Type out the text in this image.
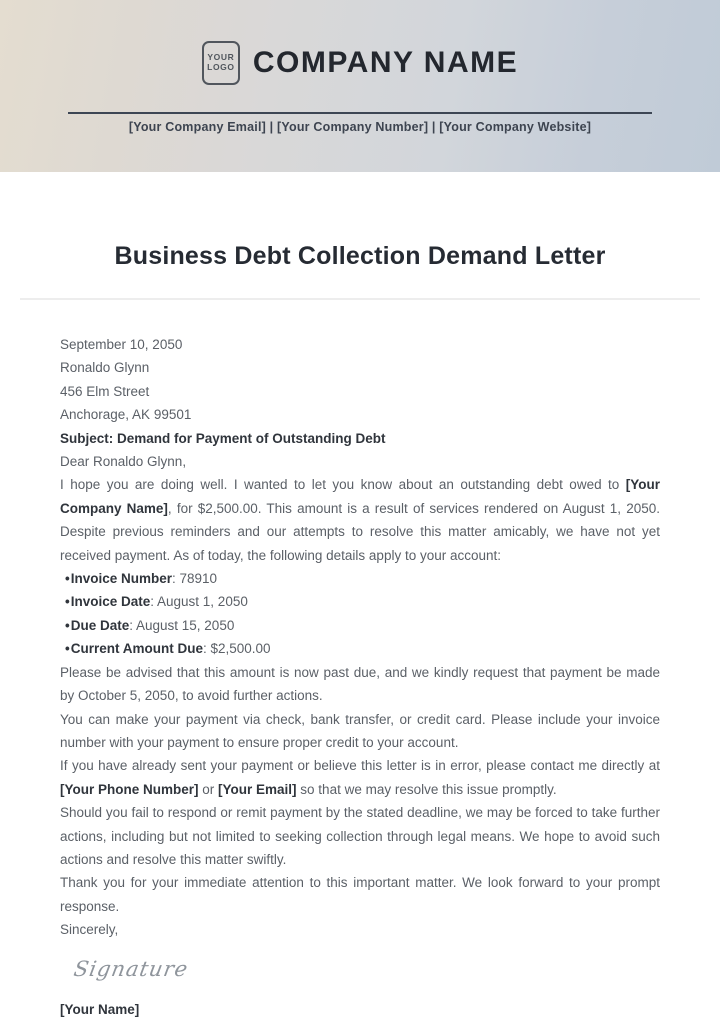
YOUR
LOGO COMPANY NAME
[Your Company Email] | [Your Company Number] | [Your Company Website]
Business Debt Collection Demand Letter
September 10, 2050
Ronaldo Glynn
456 Elm Street
Anchorage, AK 99501
Subject: Demand for Payment of Outstanding Debt
Dear Ronaldo Glynn,
I hope you are doing well. I wanted to let you know about an outstanding debt owed to [Your Company Name], for $2,500.00. This amount is a result of services rendered on August 1, 2050. Despite previous reminders and our attempts to resolve this matter amicably, we have not yet received payment. As of today, the following details apply to your account:
• Invoice Number: 78910
• Invoice Date: August 1, 2050
• Due Date: August 15, 2050
• Current Amount Due: $2,500.00
Please be advised that this amount is now past due, and we kindly request that payment be made by October 5, 2050, to avoid further actions.
You can make your payment via check, bank transfer, or credit card. Please include your invoice number with your payment to ensure proper credit to your account.
If you have already sent your payment or believe this letter is in error, please contact me directly at [Your Phone Number] or [Your Email] so that we may resolve this issue promptly.
Should you fail to respond or remit payment by the stated deadline, we may be forced to take further actions, including but not limited to seeking collection through legal means. We hope to avoid such actions and resolve this matter swiftly.
Thank you for your immediate attention to this important matter. We look forward to your prompt response.
Sincerely,
Signature
[Your Name]
